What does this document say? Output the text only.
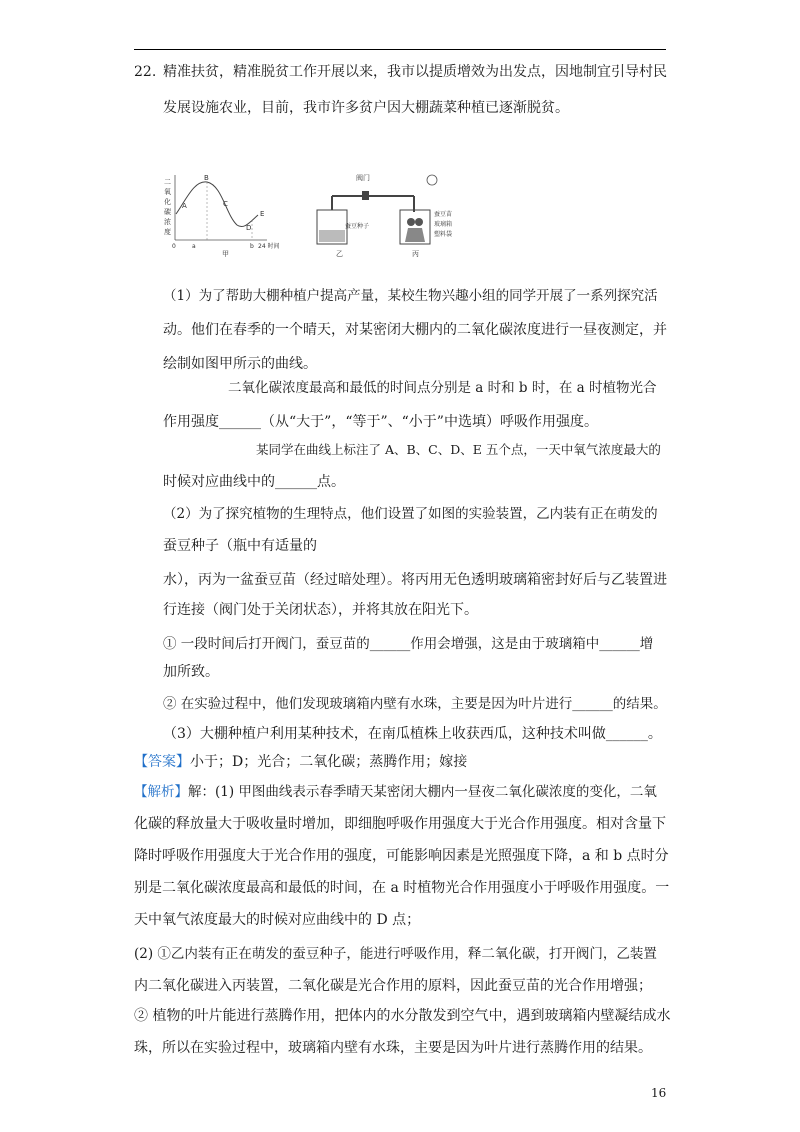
22. 精准扶贫，精准脱贫工作开展以来，我市以提质增效为出发点，因地制宜引导村民
发展设施农业，目前，我市许多贫户因大棚蔬菜种植已逐渐脱贫。
二
氧
化
碳
浓
度
A
B
C
D
E
0	a	b 24 时间
甲
阀门
蚕豆种子
乙
蚕豆苗
玻璃箱
塑料袋
丙
（1）为了帮助大棚种植户提高产量，某校生物兴趣小组的同学开展了一系列探究活
动。他们在春季的一个晴天，对某密闭大棚内的二氧化碳浓度进行一昼夜测定，并
绘制如图甲所示的曲线。
二氧化碳浓度最高和最低的时间点分别是 a 时和 b 时，在 a 时植物光合
作用强度______（从“大于”，“等于”、“小于”中选填）呼吸作用强度。
某同学在曲线上标注了 A、B、C、D、E 五个点，一天中氧气浓度最大的
时候对应曲线中的______点。
（2）为了探究植物的生理特点，他们设置了如图的实验装置，乙内装有正在萌发的
蚕豆种子（瓶中有适量的
水），丙为一盆蚕豆苗（经过暗处理）。将丙用无色透明玻璃箱密封好后与乙装置进
行连接（阀门处于关闭状态），并将其放在阳光下。
① 一段时间后打开阀门，蚕豆苗的______作用会增强，这是由于玻璃箱中______增
加所致。
② 在实验过程中，他们发现玻璃箱内壁有水珠，主要是因为叶片进行______的结果。
（3）大棚种植户利用某种技术，在南瓜植株上收获西瓜，这种技术叫做______。
【答案】小于；D；光合；二氧化碳；蒸腾作用；嫁接
【解析】解：(1) 甲图曲线表示春季晴天某密闭大棚内一昼夜二氧化碳浓度的变化，二氧
化碳的释放量大于吸收量时增加，即细胞呼吸作用强度大于光合作用强度。相对含量下
降时呼吸作用强度大于光合作用的强度，可能影响因素是光照强度下降，a 和 b 点时分
别是二氧化碳浓度最高和最低的时间，在 a 时植物光合作用强度小于呼吸作用强度。一
天中氧气浓度最大的时候对应曲线中的 D 点；
(2) ①乙内装有正在萌发的蚕豆种子，能进行呼吸作用，释二氧化碳，打开阀门，乙装置
内二氧化碳进入丙装置，二氧化碳是光合作用的原料，因此蚕豆苗的光合作用增强；
② 植物的叶片能进行蒸腾作用，把体内的水分散发到空气中，遇到玻璃箱内壁凝结成水
珠，所以在实验过程中，玻璃箱内壁有水珠，主要是因为叶片进行蒸腾作用的结果。
16
